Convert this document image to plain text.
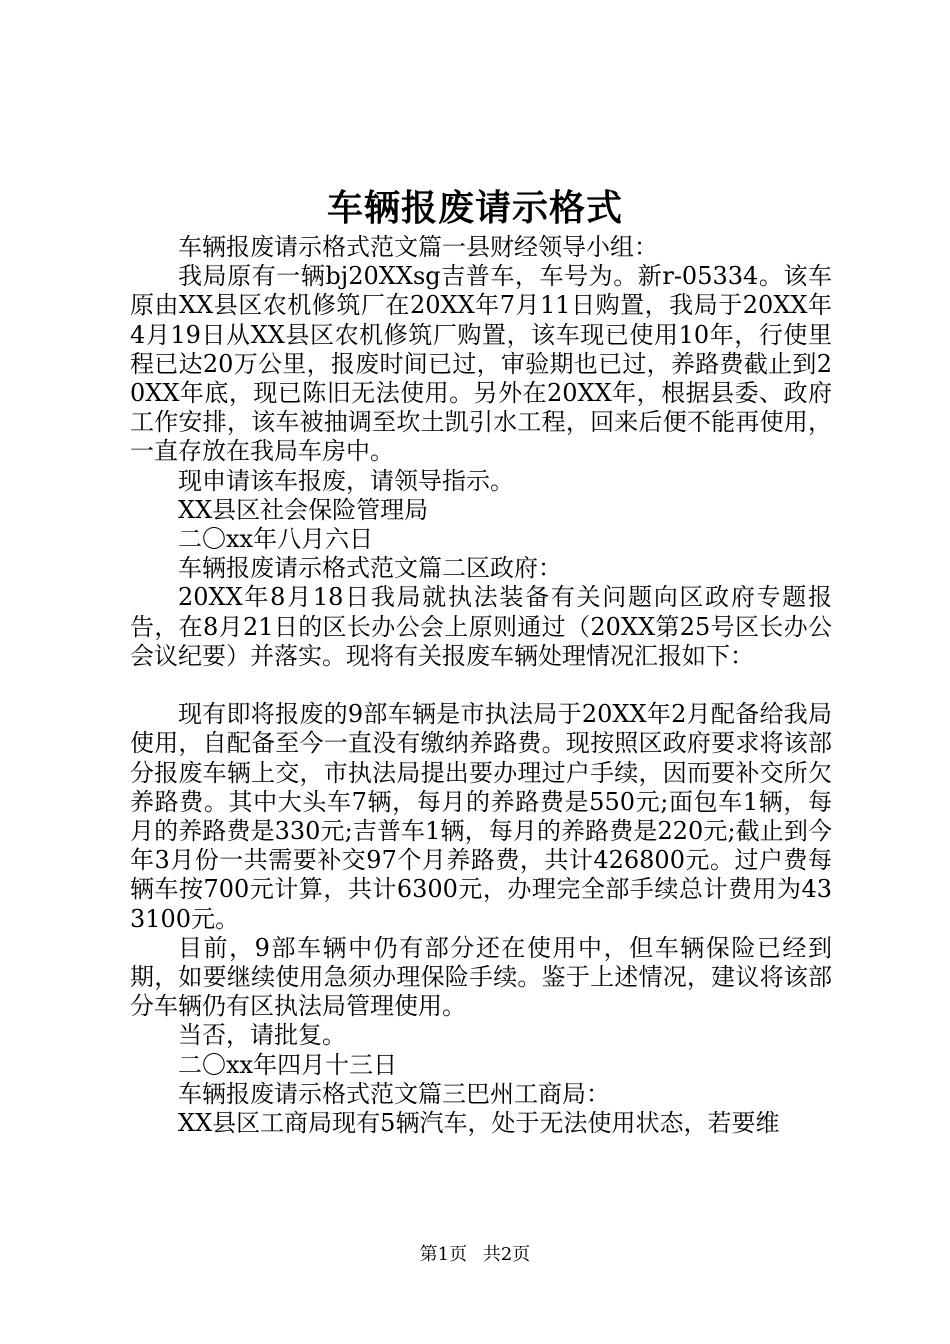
车辆报废请示格式

车辆报废请示格式范文篇一县财经领导小组：

我局原有一辆bj20XXsg吉普车，车号为。新r-05334。该车原由XX县区农机修筑厂在20XX年7月11日购置，我局于20XX年4月19日从XX县区农机修筑厂购置，该车现已使用10年，行使里程已达20万公里，报废时间已过，审验期也已过，养路费截止到20XX年底，现已陈旧无法使用。另外在20XX年，根据县委、政府工作安排，该车被抽调至坎土凯引水工程，回来后便不能再使用，一直存放在我局车房中。

现申请该车报废，请领导指示。

XX县区社会保险管理局

二〇xx年八月六日

车辆报废请示格式范文篇二区政府：

20XX年8月18日我局就执法装备有关问题向区政府专题报告，在8月21日的区长办公会上原则通过（20XX第25号区长办公会议纪要）并落实。现将有关报废车辆处理情况汇报如下：

现有即将报废的9部车辆是市执法局于20XX年2月配备给我局使用，自配备至今一直没有缴纳养路费。现按照区政府要求将该部分报废车辆上交，市执法局提出要办理过户手续，因而要补交所欠养路费。其中大头车7辆，每月的养路费是550元;面包车1辆，每月的养路费是330元;吉普车1辆，每月的养路费是220元;截止到今年3月份一共需要补交97个月养路费，共计426800元。过户费每辆车按700元计算，共计6300元，办理完全部手续总计费用为433100元。

目前，9部车辆中仍有部分还在使用中，但车辆保险已经到期，如要继续使用急须办理保险手续。鉴于上述情况，建议将该部分车辆仍有区执法局管理使用。

当否，请批复。

二〇xx年四月十三日

车辆报废请示格式范文篇三巴州工商局：

XX县区工商局现有5辆汽车，处于无法使用状态，若要维

第1页 共2页
